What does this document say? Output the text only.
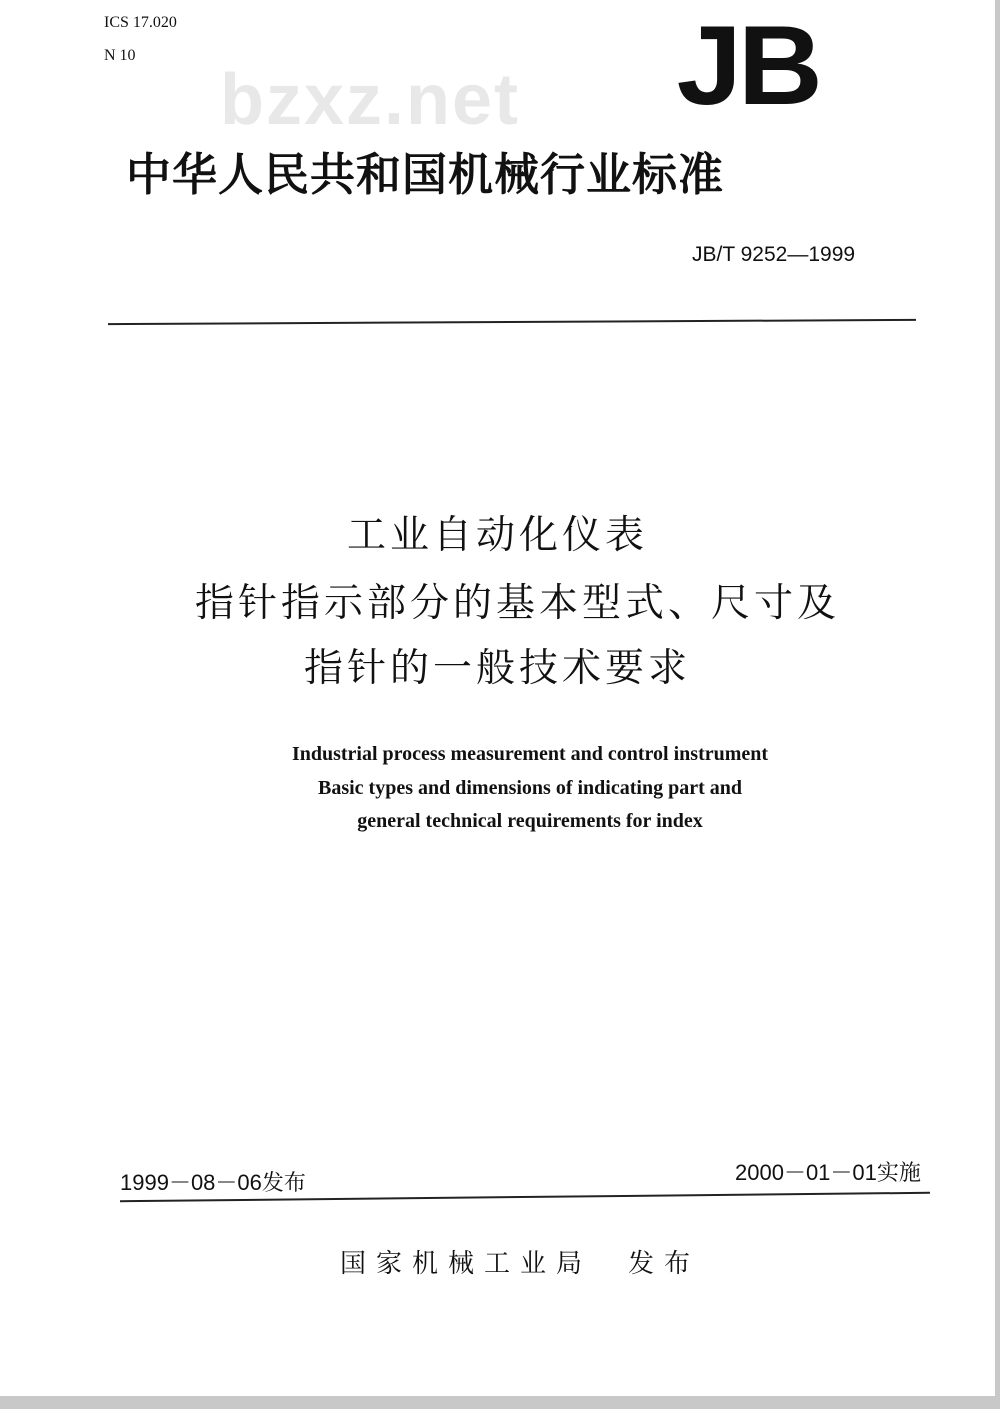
ICS 17.020
N 10	JB
bzxz.net
中华人民共和国机械行业标准
JB/T 9252—1999
工业自动化仪表
指针指示部分的基本型式、尺寸及
指针的一般技术要求
Industrial process measurement and control instrument
Basic types and dimensions of indicating part and
general technical requirements for index
1999－08－06发布	2000－01－01实施
国家机械工业局　发布
